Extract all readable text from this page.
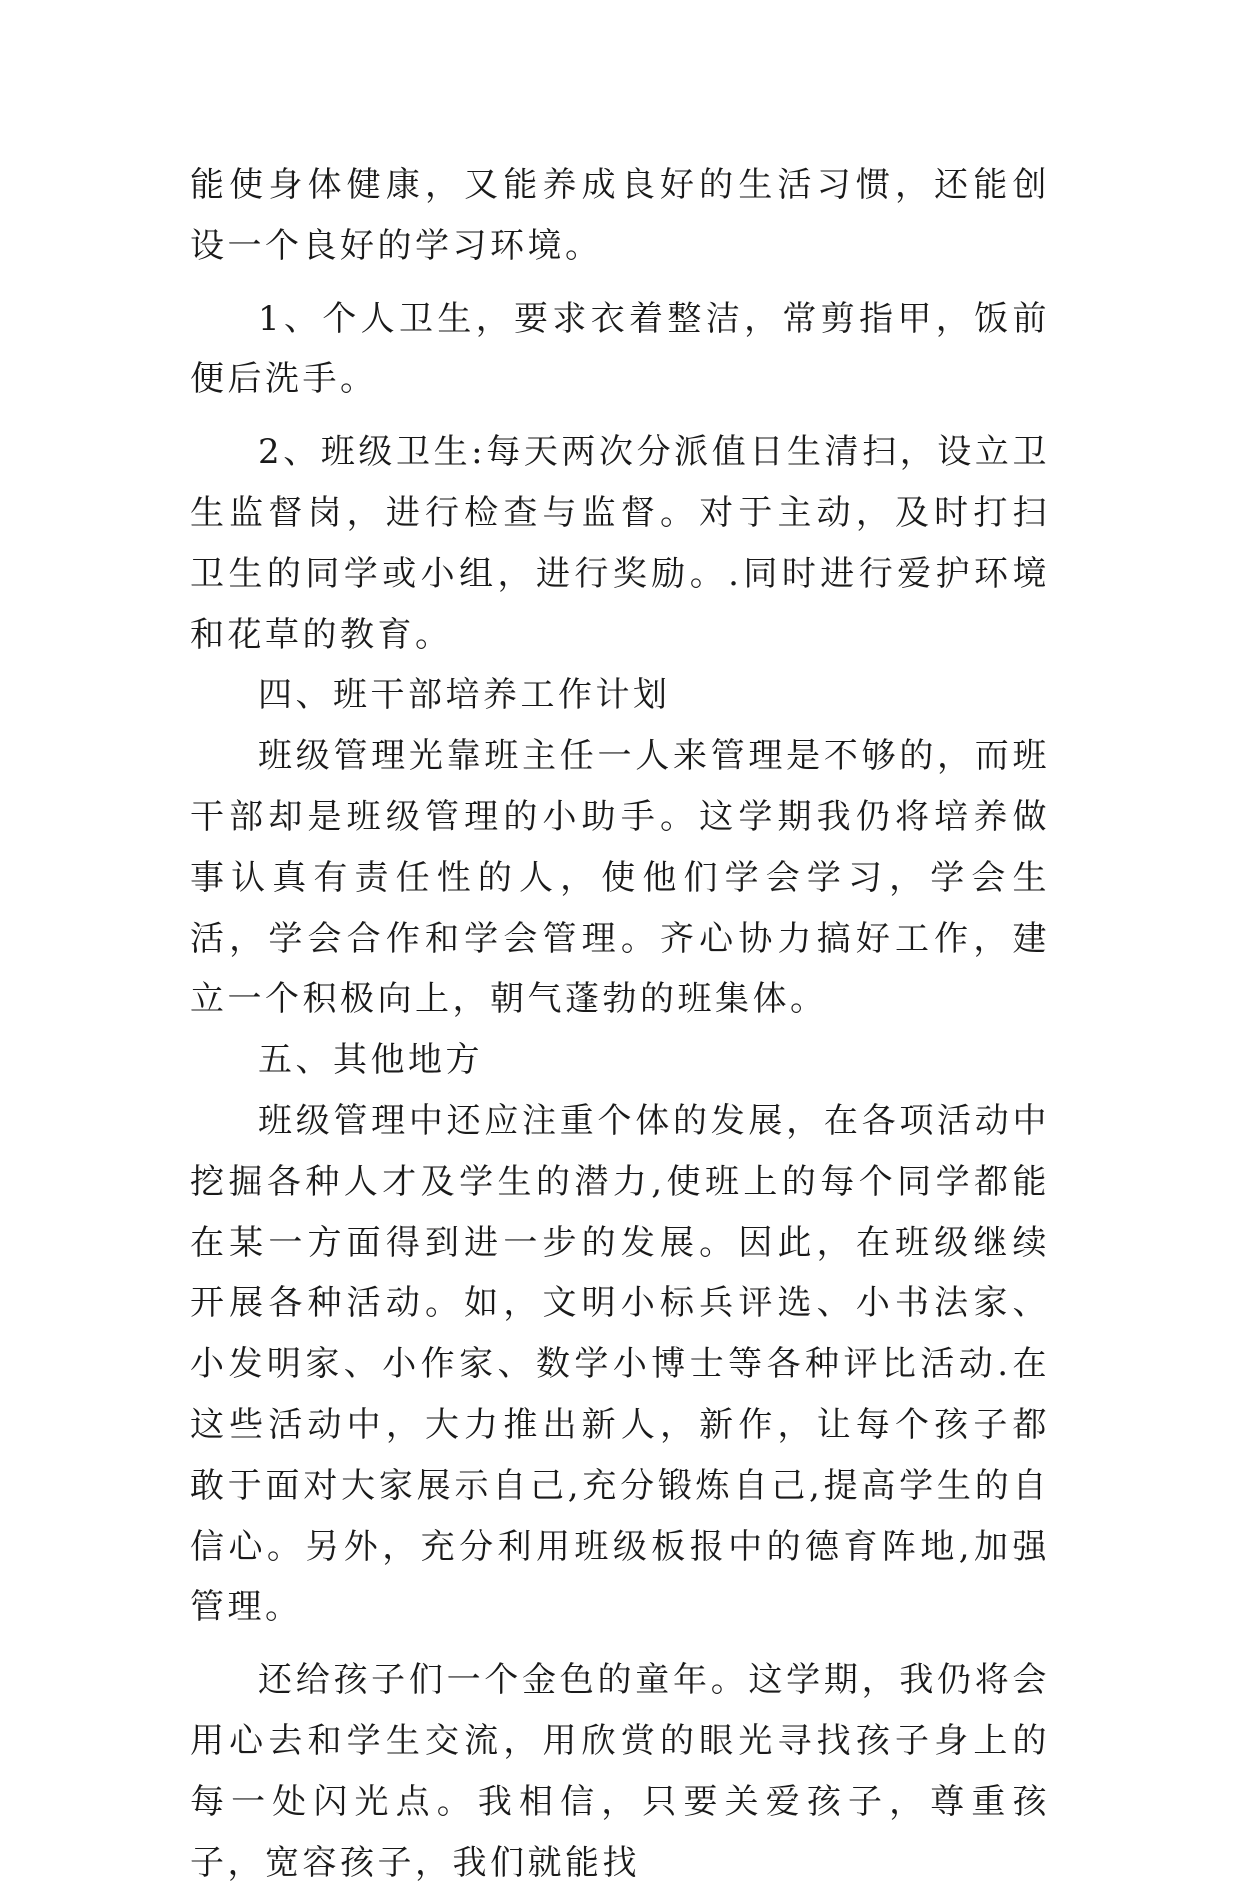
能使身体健康，又能养成良好的生活习惯，还能创设一个良好的学习环境。

1、个人卫生，要求衣着整洁，常剪指甲，饭前便后洗手。

2、班级卫生:每天两次分派值日生清扫，设立卫生监督岗，进行检查与监督。对于主动，及时打扫卫生的同学或小组，进行奖励。.同时进行爱护环境和花草的教育。

四、班干部培养工作计划

班级管理光靠班主任一人来管理是不够的，而班干部却是班级管理的小助手。这学期我仍将培养做事认真有责任性的人，使他们学会学习，学会生活，学会合作和学会管理。齐心协力搞好工作，建立一个积极向上，朝气蓬勃的班集体。

五、其他地方

班级管理中还应注重个体的发展，在各项活动中挖掘各种人才及学生的潜力,使班上的每个同学都能在某一方面得到进一步的发展。因此，在班级继续开展各种活动。如，文明小标兵评选、小书法家、小发明家、小作家、数学小博士等各种评比活动.在这些活动中，大力推出新人，新作，让每个孩子都敢于面对大家展示自己,充分锻炼自己,提高学生的自信心。另外，充分利用班级板报中的德育阵地,加强管理。

还给孩子们一个金色的童年。这学期，我仍将会用心去和学生交流，用欣赏的眼光寻找孩子身上的每一处闪光点。我相信，只要关爱孩子，尊重孩子，宽容孩子，我们就能找
